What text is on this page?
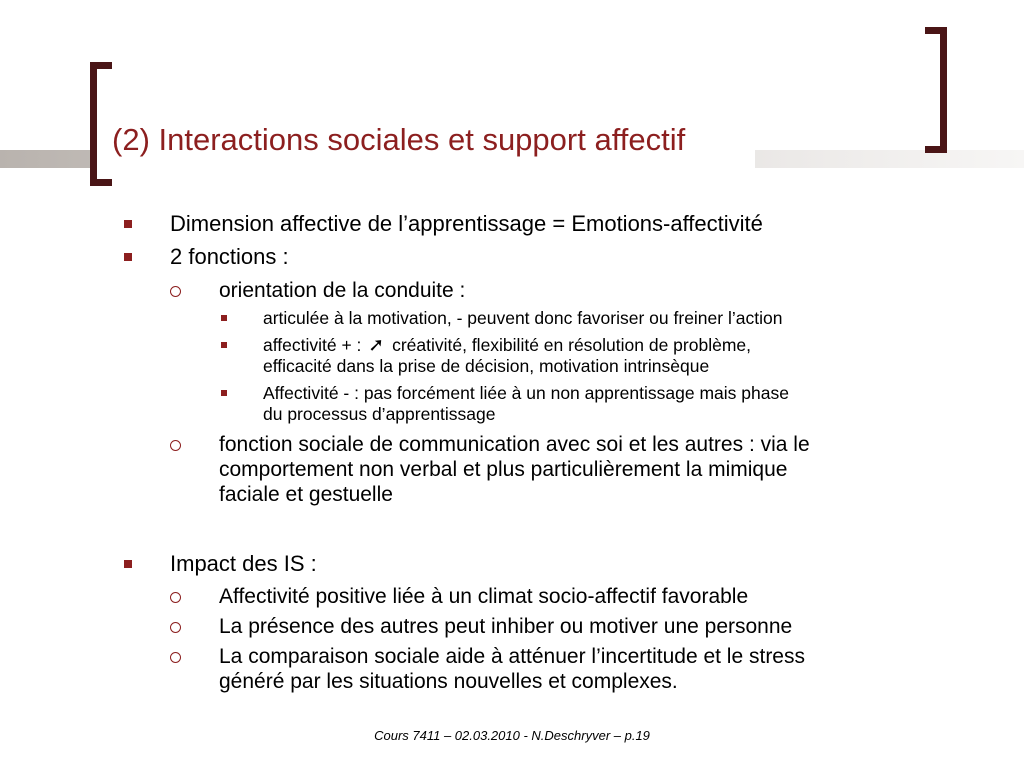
(2) Interactions sociales et support affectif
Dimension affective de l’apprentissage = Emotions-affectivité
2 fonctions :
orientation de la conduite :
articulée à la motivation, - peuvent donc favoriser ou freiner l’action
affectivité + : ➚ créativité, flexibilité en résolution de problème,
efficacité dans la prise de décision, motivation intrinsèque
Affectivité - : pas forcément liée à un non apprentissage mais phase
du processus d’apprentissage
fonction sociale de communication avec soi et les autres : via le
comportement non verbal et plus particulièrement la mimique
faciale et gestuelle
Impact des IS :
Affectivité positive liée à un climat socio-affectif favorable
La présence des autres peut inhiber ou motiver une personne
La comparaison sociale aide à atténuer l’incertitude et le stress
généré par les situations nouvelles et complexes.
Cours 7411 – 02.03.2010 - N.Deschryver – p.19
